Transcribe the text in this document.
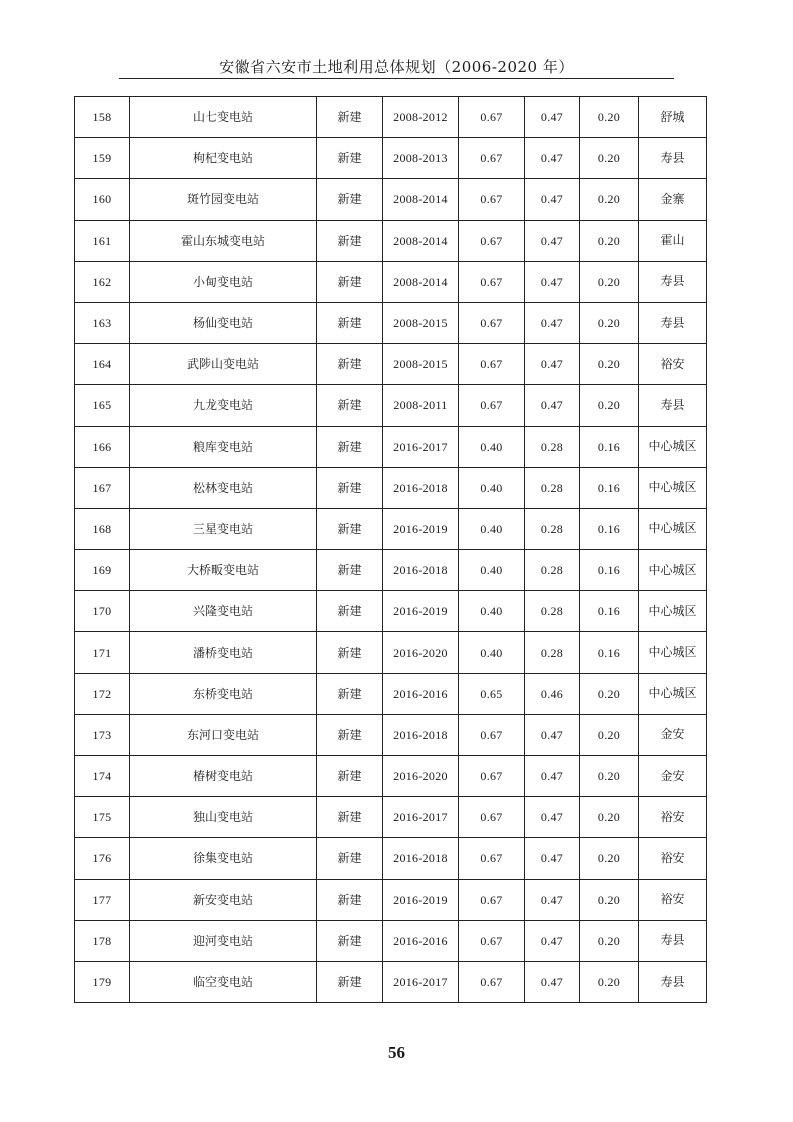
安徽省六安市土地利用总体规划（2006-2020 年）
158	山七变电站	新建	2008-2012	0.67	0.47	0.20	舒城
159	枸杞变电站	新建	2008-2013	0.67	0.47	0.20	寿县
160	斑竹园变电站	新建	2008-2014	0.67	0.47	0.20	金寨
161	霍山东城变电站	新建	2008-2014	0.67	0.47	0.20	霍山
162	小甸变电站	新建	2008-2014	0.67	0.47	0.20	寿县
163	杨仙变电站	新建	2008-2015	0.67	0.47	0.20	寿县
164	武陟山变电站	新建	2008-2015	0.67	0.47	0.20	裕安
165	九龙变电站	新建	2008-2011	0.67	0.47	0.20	寿县
166	粮库变电站	新建	2016-2017	0.40	0.28	0.16	中心城区
167	松林变电站	新建	2016-2018	0.40	0.28	0.16	中心城区
168	三星变电站	新建	2016-2019	0.40	0.28	0.16	中心城区
169	大桥畈变电站	新建	2016-2018	0.40	0.28	0.16	中心城区
170	兴隆变电站	新建	2016-2019	0.40	0.28	0.16	中心城区
171	潘桥变电站	新建	2016-2020	0.40	0.28	0.16	中心城区
172	东桥变电站	新建	2016-2016	0.65	0.46	0.20	中心城区
173	东河口变电站	新建	2016-2018	0.67	0.47	0.20	金安
174	椿树变电站	新建	2016-2020	0.67	0.47	0.20	金安
175	独山变电站	新建	2016-2017	0.67	0.47	0.20	裕安
176	徐集变电站	新建	2016-2018	0.67	0.47	0.20	裕安
177	新安变电站	新建	2016-2019	0.67	0.47	0.20	裕安
178	迎河变电站	新建	2016-2016	0.67	0.47	0.20	寿县
179	临空变电站	新建	2016-2017	0.67	0.47	0.20	寿县
56
